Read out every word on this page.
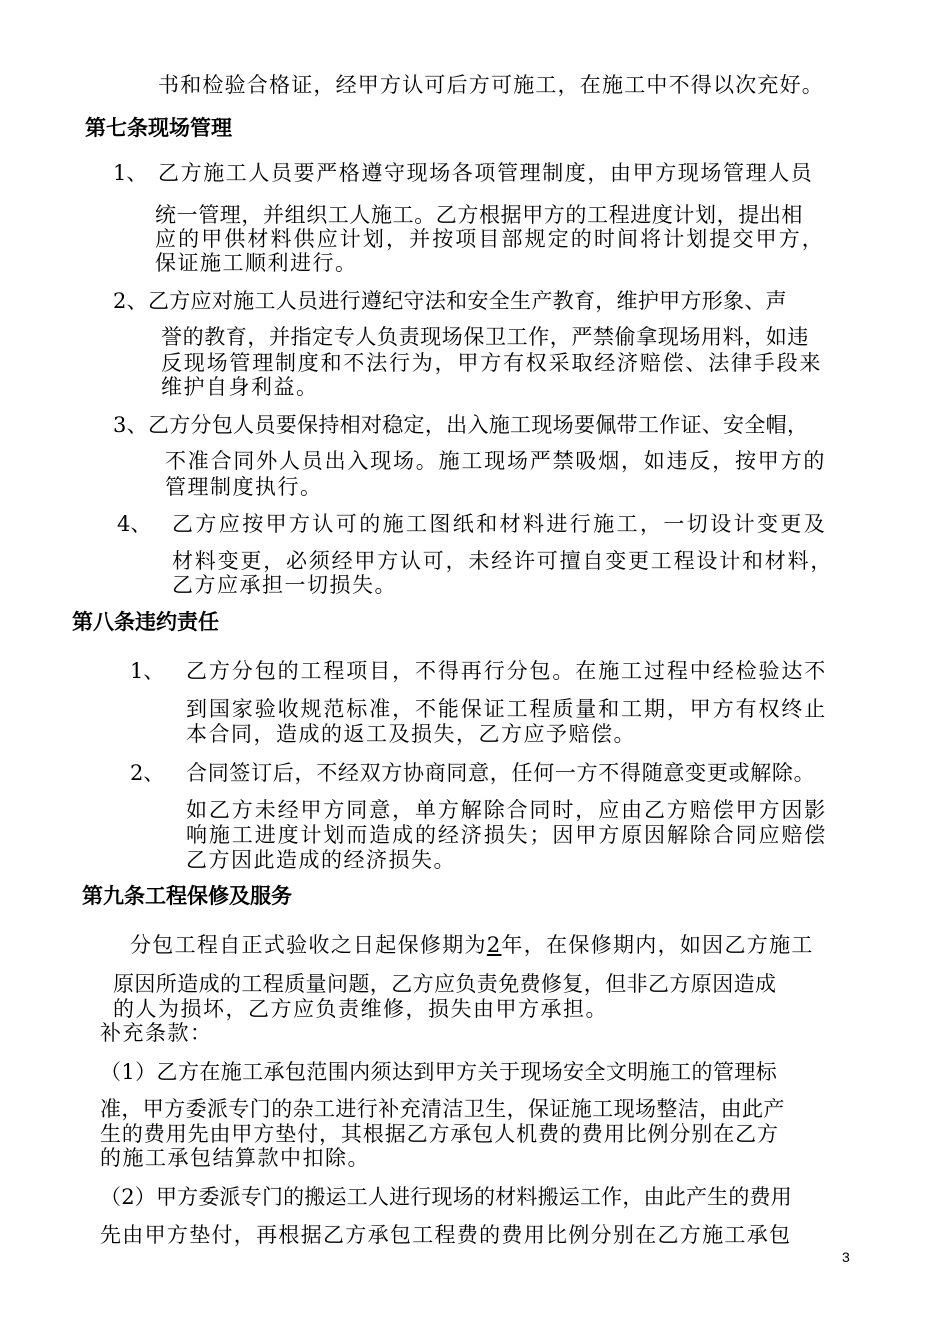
书和检验合格证，经甲方认可后方可施工，在施工中不得以次充好。
第七条现场管理
1、 乙方施工人员要严格遵守现场各项管理制度，由甲方现场管理人员
统一管理，并组织工人施工。乙方根据甲方的工程进度计划，提出相
应的甲供材料供应计划，并按项目部规定的时间将计划提交甲方，
保证施工顺利进行。
2、乙方应对施工人员进行遵纪守法和安全生产教育，维护甲方形象、声
誉的教育，并指定专人负责现场保卫工作，严禁偷拿现场用料，如违
反现场管理制度和不法行为，甲方有权采取经济赔偿、法律手段来
维护自身利益。
3、乙方分包人员要保持相对稳定，出入施工现场要佩带工作证、安全帽，
不准合同外人员出入现场。施工现场严禁吸烟，如违反，按甲方的
管理制度执行。
4、 乙方应按甲方认可的施工图纸和材料进行施工，一切设计变更及
材料变更，必须经甲方认可，未经许可擅自变更工程设计和材料，
乙方应承担一切损失。
第八条违约责任
1、 乙方分包的工程项目，不得再行分包。在施工过程中经检验达不
到国家验收规范标准，不能保证工程质量和工期，甲方有权终止
本合同，造成的返工及损失，乙方应予赔偿。
2、 合同签订后，不经双方协商同意，任何一方不得随意变更或解除。
如乙方未经甲方同意，单方解除合同时，应由乙方赔偿甲方因影
响施工进度计划而造成的经济损失；因甲方原因解除合同应赔偿
乙方因此造成的经济损失。
第九条工程保修及服务
分包工程自正式验收之日起保修期为2年，在保修期内，如因乙方施工
原因所造成的工程质量问题，乙方应负责免费修复，但非乙方原因造成
的人为损坏，乙方应负责维修，损失由甲方承担。
补充条款：
（1）乙方在施工承包范围内须达到甲方关于现场安全文明施工的管理标
准，甲方委派专门的杂工进行补充清洁卫生，保证施工现场整洁，由此产
生的费用先由甲方垫付，其根据乙方承包人机费的费用比例分别在乙方
的施工承包结算款中扣除。
（2）甲方委派专门的搬运工人进行现场的材料搬运工作，由此产生的费用
先由甲方垫付，再根据乙方承包工程费的费用比例分别在乙方施工承包
3
